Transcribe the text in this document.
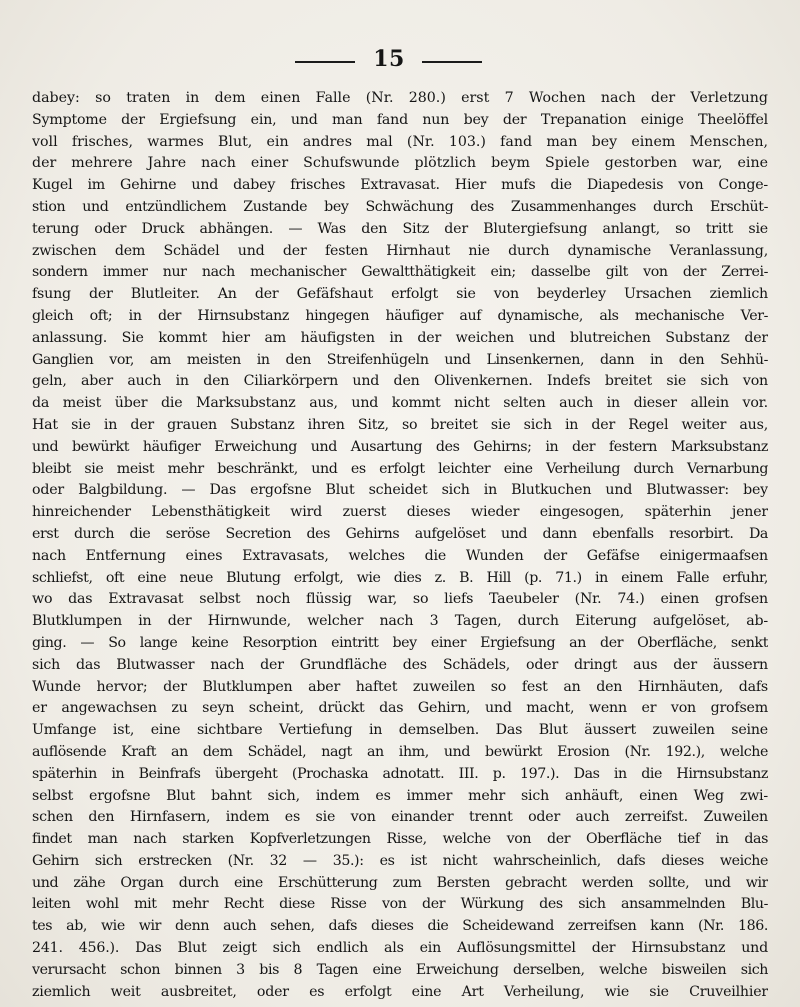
15
dabey: so traten in dem einen Falle (Nr. 280.) erst 7 Wochen nach der Verletzung
Symptome der Ergiefsung ein, und man fand nun bey der Trepanation einige Theelöffel
voll frisches, warmes Blut, ein andres mal (Nr. 103.) fand man bey einem Menschen,
der mehrere Jahre nach einer Schufswunde plötzlich beym Spiele gestorben war, eine
Kugel im Gehirne und dabey frisches Extravasat. Hier mufs die Diapedesis von Conge-
stion und entzündlichem Zustande bey Schwächung des Zusammenhanges durch Erschüt-
terung oder Druck abhängen. — Was den Sitz der Blutergiefsung anlangt, so tritt sie
zwischen dem Schädel und der festen Hirnhaut nie durch dynamische Veranlassung,
sondern immer nur nach mechanischer Gewaltthätigkeit ein; dasselbe gilt von der Zerrei-
fsung der Blutleiter. An der Gefäfshaut erfolgt sie von beyderley Ursachen ziemlich
gleich oft; in der Hirnsubstanz hingegen häufiger auf dynamische, als mechanische Ver-
anlassung. Sie kommt hier am häufigsten in der weichen und blutreichen Substanz der
Ganglien vor, am meisten in den Streifenhügeln und Linsenkernen, dann in den Sehhü-
geln, aber auch in den Ciliarkörpern und den Olivenkernen. Indefs breitet sie sich von
da meist über die Marksubstanz aus, und kommt nicht selten auch in dieser allein vor.
Hat sie in der grauen Substanz ihren Sitz, so breitet sie sich in der Regel weiter aus,
und bewürkt häufiger Erweichung und Ausartung des Gehirns; in der festern Marksubstanz
bleibt sie meist mehr beschränkt, und es erfolgt leichter eine Verheilung durch Vernarbung
oder Balgbildung. — Das ergofsne Blut scheidet sich in Blutkuchen und Blutwasser: bey
hinreichender Lebensthätigkeit wird zuerst dieses wieder eingesogen, späterhin jener
erst durch die seröse Secretion des Gehirns aufgelöset und dann ebenfalls resorbirt. Da
nach Entfernung eines Extravasats, welches die Wunden der Gefäfse einigermaafsen
schliefst, oft eine neue Blutung erfolgt, wie dies z. B. Hill (p. 71.) in einem Falle erfuhr,
wo das Extravasat selbst noch flüssig war, so liefs Taeubeler (Nr. 74.) einen grofsen
Blutklumpen in der Hirnwunde, welcher nach 3 Tagen, durch Eiterung aufgelöset, ab-
ging. — So lange keine Resorption eintritt bey einer Ergiefsung an der Oberfläche, senkt
sich das Blutwasser nach der Grundfläche des Schädels, oder dringt aus der äussern
Wunde hervor; der Blutklumpen aber haftet zuweilen so fest an den Hirnhäuten, dafs
er angewachsen zu seyn scheint, drückt das Gehirn, und macht, wenn er von grofsem
Umfange ist, eine sichtbare Vertiefung in demselben. Das Blut äussert zuweilen seine
auflösende Kraft an dem Schädel, nagt an ihm, und bewürkt Erosion (Nr. 192.), welche
späterhin in Beinfrafs übergeht (Prochaska adnotatt. III. p. 197.). Das in die Hirnsubstanz
selbst ergofsne Blut bahnt sich, indem es immer mehr sich anhäuft, einen Weg zwi-
schen den Hirnfasern, indem es sie von einander trennt oder auch zerreifst. Zuweilen
findet man nach starken Kopfverletzungen Risse, welche von der Oberfläche tief in das
Gehirn sich erstrecken (Nr. 32 — 35.): es ist nicht wahrscheinlich, dafs dieses weiche
und zähe Organ durch eine Erschütterung zum Bersten gebracht werden sollte, und wir
leiten wohl mit mehr Recht diese Risse von der Würkung des sich ansammelnden Blu-
tes ab, wie wir denn auch sehen, dafs dieses die Scheidewand zerreifsen kann (Nr. 186.
241. 456.). Das Blut zeigt sich endlich als ein Auflösungsmittel der Hirnsubstanz und
verursacht schon binnen 3 bis 8 Tagen eine Erweichung derselben, welche bisweilen sich
ziemlich weit ausbreitet, oder es erfolgt eine Art Verheilung, wie sie Cruveilhier
